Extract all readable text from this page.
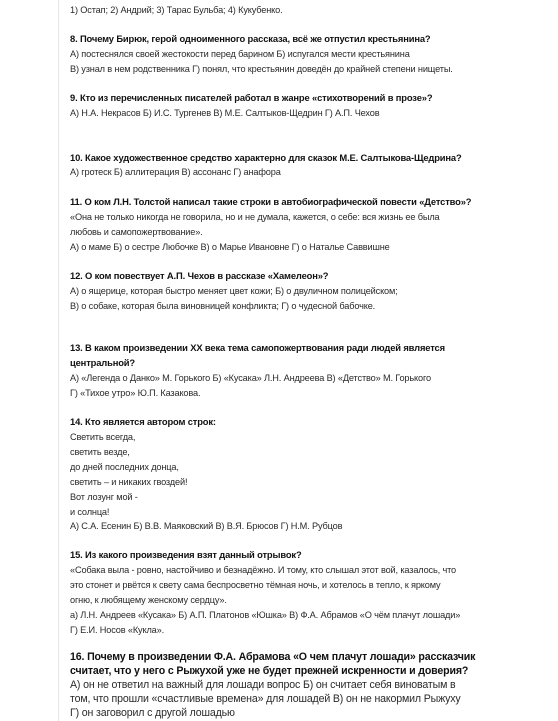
1) Остап; 2) Андрий; 3) Тарас Бульба; 4) Кукубенко.
8. Почему Бирюк, герой одноименного рассказа, всё же отпустил крестьянина?
А) постеснялся своей жестокости перед барином Б) испугался мести крестьянина
В) узнал в нем родственника Г) понял, что крестьянин доведён до крайней степени нищеты.
9. Кто из перечисленных писателей работал в жанре «стихотворений в прозе»?
А) Н.А. Некрасов Б) И.С. Тургенев В) М.Е. Салтыков-Щедрин Г) А.П. Чехов
10. Какое художественное средство характерно для сказок М.Е. Салтыкова-Щедрина?
А) гротеск Б) аллитерация В) ассонанс Г) анафора
11. О ком Л.Н. Толстой написал такие строки в автобиографической повести «Детство»?
«Она не только никогда не говорила, но и не думала, кажется, о себе: вся жизнь ее была
любовь и самопожертвование».
А) о маме Б) о сестре Любочке В) о Марье Ивановне Г) о Наталье Саввишне
12. О ком повествует А.П. Чехов в рассказе «Хамелеон»?
А) о ящерице, которая быстро меняет цвет кожи; Б) о двуличном полицейском;
В) о собаке, которая была виновницей конфликта; Г) о чудесной бабочке.
13. В каком произведении XX века тема самопожертвования ради людей является
центральной?
А) «Легенда о Данко» М. Горького Б) «Кусака» Л.Н. Андреева В) «Детство» М. Горького
Г) «Тихое утро» Ю.П. Казакова.
14. Кто является автором строк:
Светить всегда,
светить везде,
до дней последних донца,
светить – и никаких гвоздей!
Вот лозунг мой -
и солнца!
А) С.А. Есенин Б) В.В. Маяковский В) В.Я. Брюсов Г) Н.М. Рубцов
15. Из какого произведения взят данный отрывок?
«Собака выла - ровно, настойчиво и безнадёжно. И тому, кто слышал этот вой, казалось, что
это стонет и рвётся к свету сама беспросветно тёмная ночь, и хотелось в тепло, к яркому
огню, к любящему женскому сердцу».
а) Л.Н. Андреев «Кусака» Б) А.П. Платонов «Юшка» В) Ф.А. Абрамов «О чём плачут лошади»
Г) Е.И. Носов «Кукла».
16. Почему в произведении Ф.А. Абрамова «О чем плачут лошади» рассказчик
считает, что у него с Рыжухой уже не будет прежней искренности и доверия?
А) он не ответил на важный для лошади вопрос Б) он считает себя виноватым в
том, что прошли «счастливые времена» для лошадей В) он не накормил Рыжуху
Г) он заговорил с другой лошадью
